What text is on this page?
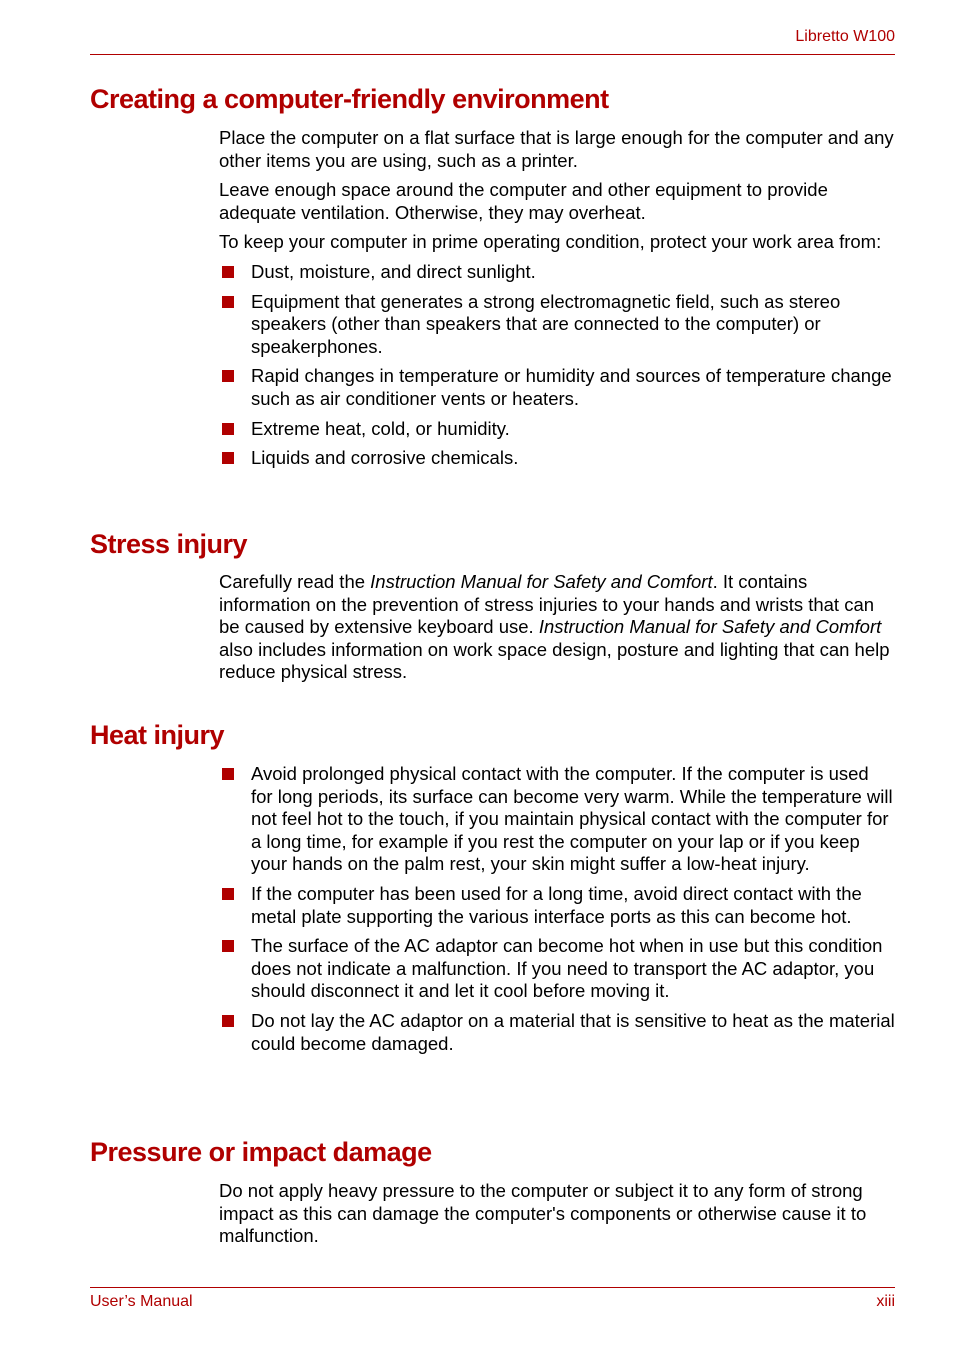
Libretto W100
Creating a computer-friendly environment

Place the computer on a flat surface that is large enough for the computer and any other items you are using, such as a printer.

Leave enough space around the computer and other equipment to provide adequate ventilation. Otherwise, they may overheat.

To keep your computer in prime operating condition, protect your work area from:

Dust, moisture, and direct sunlight.
Equipment that generates a strong electromagnetic field, such as stereo speakers (other than speakers that are connected to the computer) or speakerphones.
Rapid changes in temperature or humidity and sources of temperature change such as air conditioner vents or heaters.
Extreme heat, cold, or humidity.
Liquids and corrosive chemicals.
Stress injury

Carefully read the Instruction Manual for Safety and Comfort. It contains information on the prevention of stress injuries to your hands and wrists that can be caused by extensive keyboard use. Instruction Manual for Safety and Comfort also includes information on work space design, posture and lighting that can help reduce physical stress.

Heat injury
Avoid prolonged physical contact with the computer. If the computer is used for long periods, its surface can become very warm. While the temperature will not feel hot to the touch, if you maintain physical contact with the computer for a long time, for example if you rest the computer on your lap or if you keep your hands on the palm rest, your skin might suffer a low-heat injury.
If the computer has been used for a long time, avoid direct contact with the metal plate supporting the various interface ports as this can become hot.
The surface of the AC adaptor can become hot when in use but this condition does not indicate a malfunction. If you need to transport the AC adaptor, you should disconnect it and let it cool before moving it.
Do not lay the AC adaptor on a material that is sensitive to heat as the material could become damaged.
Pressure or impact damage

Do not apply heavy pressure to the computer or subject it to any form of strong impact as this can damage the computer's components or otherwise cause it to malfunction.

User’s Manual	xiii
